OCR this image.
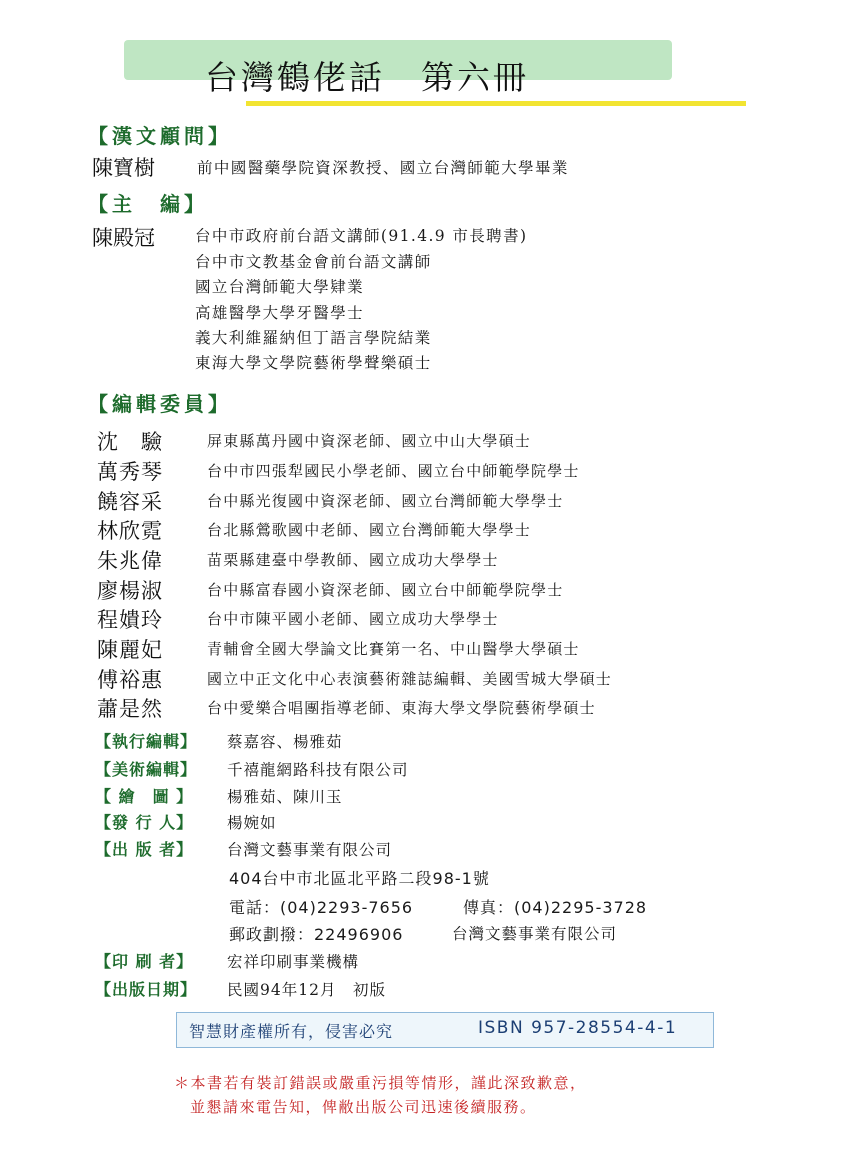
台灣鶴佬話 第六冊
【漢文顧問】
陳寶樹	前中國醫藥學院資深教授、國立台灣師範大學畢業
【主　編】
陳殿冠	台中市政府前台語文講師(91.4.9 市長聘書)
台中市文教基金會前台語文講師
國立台灣師範大學肄業
高雄醫學大學牙醫學士
義大利維羅納但丁語言學院結業
東海大學文學院藝術學聲樂碩士
【編輯委員】
沈　驗	屏東縣萬丹國中資深老師、國立中山大學碩士
萬秀琴	台中市四張犁國民小學老師、國立台中師範學院學士
饒容采	台中縣光復國中資深老師、國立台灣師範大學學士
林欣霓	台北縣鶯歌國中老師、國立台灣師範大學學士
朱兆偉	苗栗縣建臺中學教師、國立成功大學學士
廖楊淑	台中縣富春國小資深老師、國立台中師範學院學士
程嬇玲	台中市陳平國小老師、國立成功大學學士
陳麗妃	青輔會全國大學論文比賽第一名、中山醫學大學碩士
傅裕惠	國立中正文化中心表演藝術雜誌編輯、美國雪城大學碩士
蕭是然	台中愛樂合唱團指導老師、東海大學文學院藝術學碩士
【執行編輯】 蔡嘉容、楊雅茹
【美術編輯】 千禧龍網路科技有限公司
【 繪　圖 】 楊雅茹、陳川玉
【發 行 人】 楊婉如
【出 版 者】 台灣文藝事業有限公司
404台中市北區北平路二段98-1號
電話：(04)2293-7656	傳真：(04)2295-3728
郵政劃撥：22496906	台灣文藝事業有限公司
【印 刷 者】 宏祥印刷事業機構
【出版日期】 民國94年12月　初版
智慧財產權所有，侵害必究	ISBN 957-28554-4-1
＊本書若有裝訂錯誤或嚴重污損等情形，謹此深致歉意，
並懇請來電告知，俾敝出版公司迅速後續服務。
